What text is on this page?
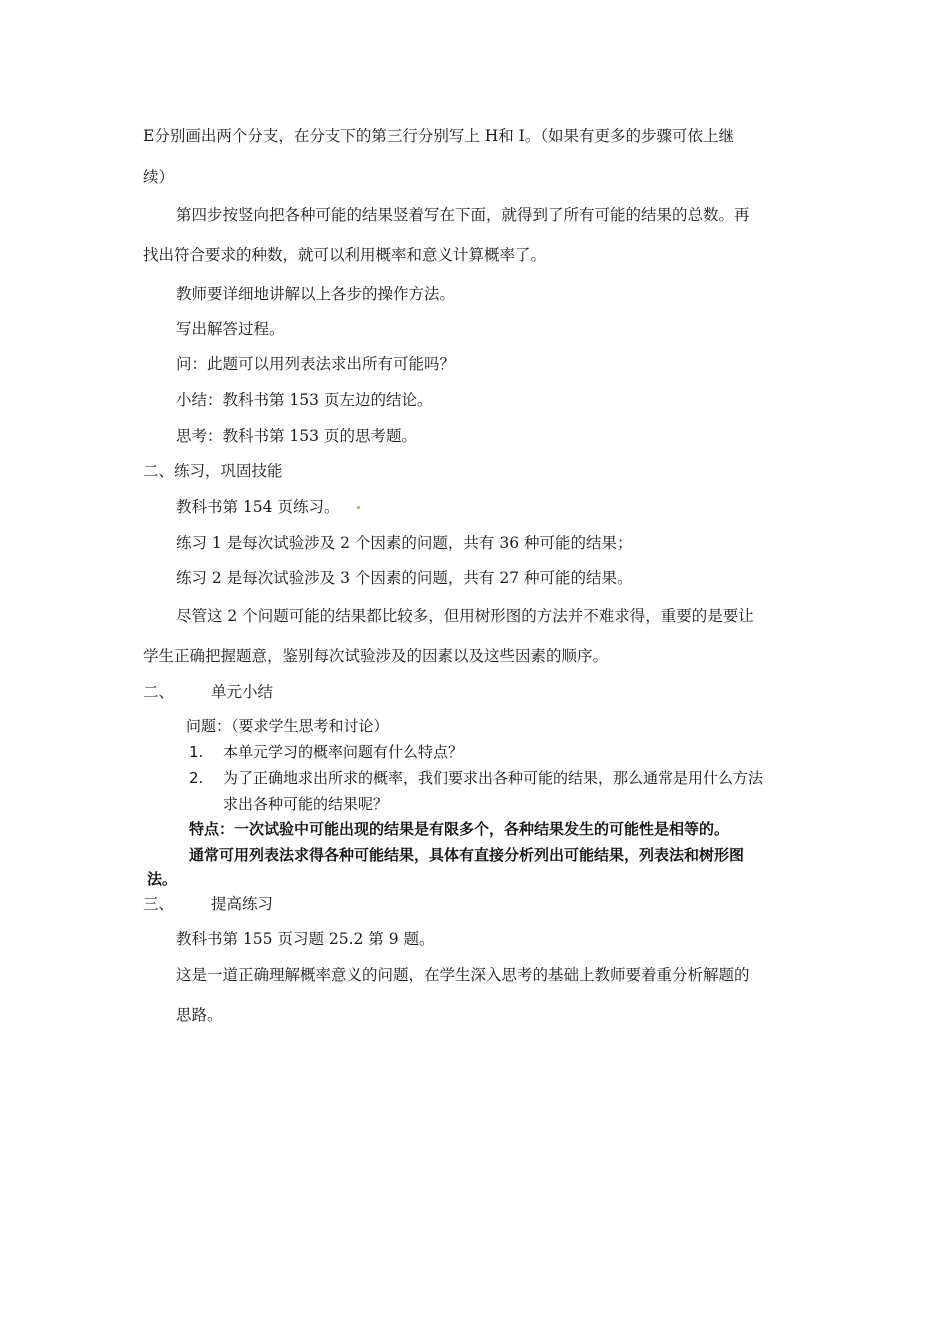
E分别画出两个分支，在分支下的第三行分别写上 H和 I。（如果有更多的步骤可依上继
续）
第四步按竖向把各种可能的结果竖着写在下面，就得到了所有可能的结果的总数。再
找出符合要求的种数，就可以利用概率和意义计算概率了。
教师要详细地讲解以上各步的操作方法。
写出解答过程。
问：此题可以用列表法求出所有可能吗？
小结：教科书第 153 页左边的结论。
思考：教科书第 153 页的思考题。
二、练习，巩固技能
教科书第 154 页练习。
练习 1 是每次试验涉及 2 个因素的问题，共有 36 种可能的结果；
练习 2 是每次试验涉及 3 个因素的问题，共有 27 种可能的结果。
尽管这 2 个问题可能的结果都比较多，但用树形图的方法并不难求得，重要的是要让
学生正确把握题意，鉴别每次试验涉及的因素以及这些因素的顺序。
二、 单元小结
问题：（要求学生思考和讨论）
1. 本单元学习的概率问题有什么特点？
2. 为了正确地求出所求的概率，我们要求出各种可能的结果，那么通常是用什么方法
求出各种可能的结果呢？
特点：一次试验中可能出现的结果是有限多个，各种结果发生的可能性是相等的。
通常可用列表法求得各种可能结果，具体有直接分析列出可能结果，列表法和树形图
法。
三、 提高练习
教科书第 155 页习题 25.2 第 9 题。
这是一道正确理解概率意义的问题，在学生深入思考的基础上教师要着重分析解题的
思路。
